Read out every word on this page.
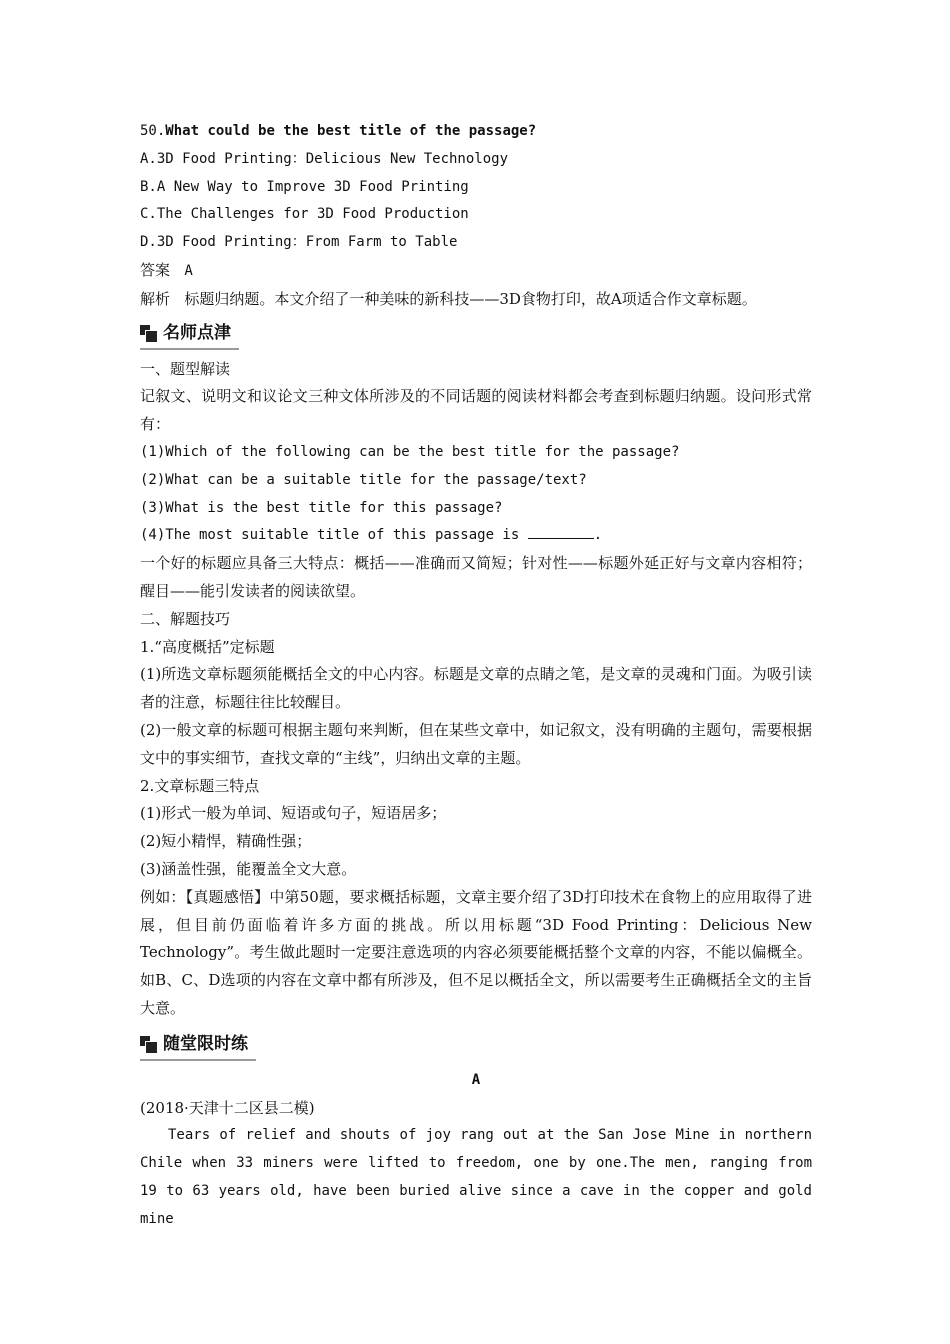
50.What could be the best title of the passage?
A.3D Food Printing：Delicious New Technology
B.A New Way to Improve 3D Food Printing
C.The Challenges for 3D Food Production
D.3D Food Printing：From Farm to Table
答案 A
解析 标题归纳题。本文介绍了一种美味的新科技——3D食物打印，故A项适合作文章标题。
名师点津
一、题型解读
记叙文、说明文和议论文三种文体所涉及的不同话题的阅读材料都会考查到标题归纳题。设问形式常有：
(1)Which of the following can be the best title for the passage?
(2)What can be a suitable title for the passage/text?
(3)What is the best title for this passage?
(4)The most suitable title of this passage is	.
一个好的标题应具备三大特点：概括——准确而又简短；针对性——标题外延正好与文章内容相符；醒目——能引发读者的阅读欲望。
二、解题技巧
1.“高度概括”定标题
(1)所选文章标题须能概括全文的中心内容。标题是文章的点睛之笔，是文章的灵魂和门面。为吸引读者的注意，标题往往比较醒目。
(2)一般文章的标题可根据主题句来判断，但在某些文章中，如记叙文，没有明确的主题句，需要根据文中的事实细节，查找文章的“主线”，归纳出文章的主题。
2.文章标题三特点
(1)形式一般为单词、短语或句子，短语居多；
(2)短小精悍，精确性强；
(3)涵盖性强，能覆盖全文大意。
例如：【真题感悟】中第50题，要求概括标题，文章主要介绍了3D打印技术在食物上的应用取得了进展，但目前仍面临着许多方面的挑战。所以用标题“3D Food Printing：Delicious New Technology”。考生做此题时一定要注意选项的内容必须要能概括整个文章的内容，不能以偏概全。如B、C、D选项的内容在文章中都有所涉及，但不足以概括全文，所以需要考生正确概括全文的主旨大意。
随堂限时练
A
(2018·天津十二区县二模)
Tears of relief and shouts of joy rang out at the San Jose Mine in northern Chile when 33 miners were lifted to freedom, one by one.The men, ranging from 19 to 63 years old, have been buried alive since a cave in the copper and gold mine
